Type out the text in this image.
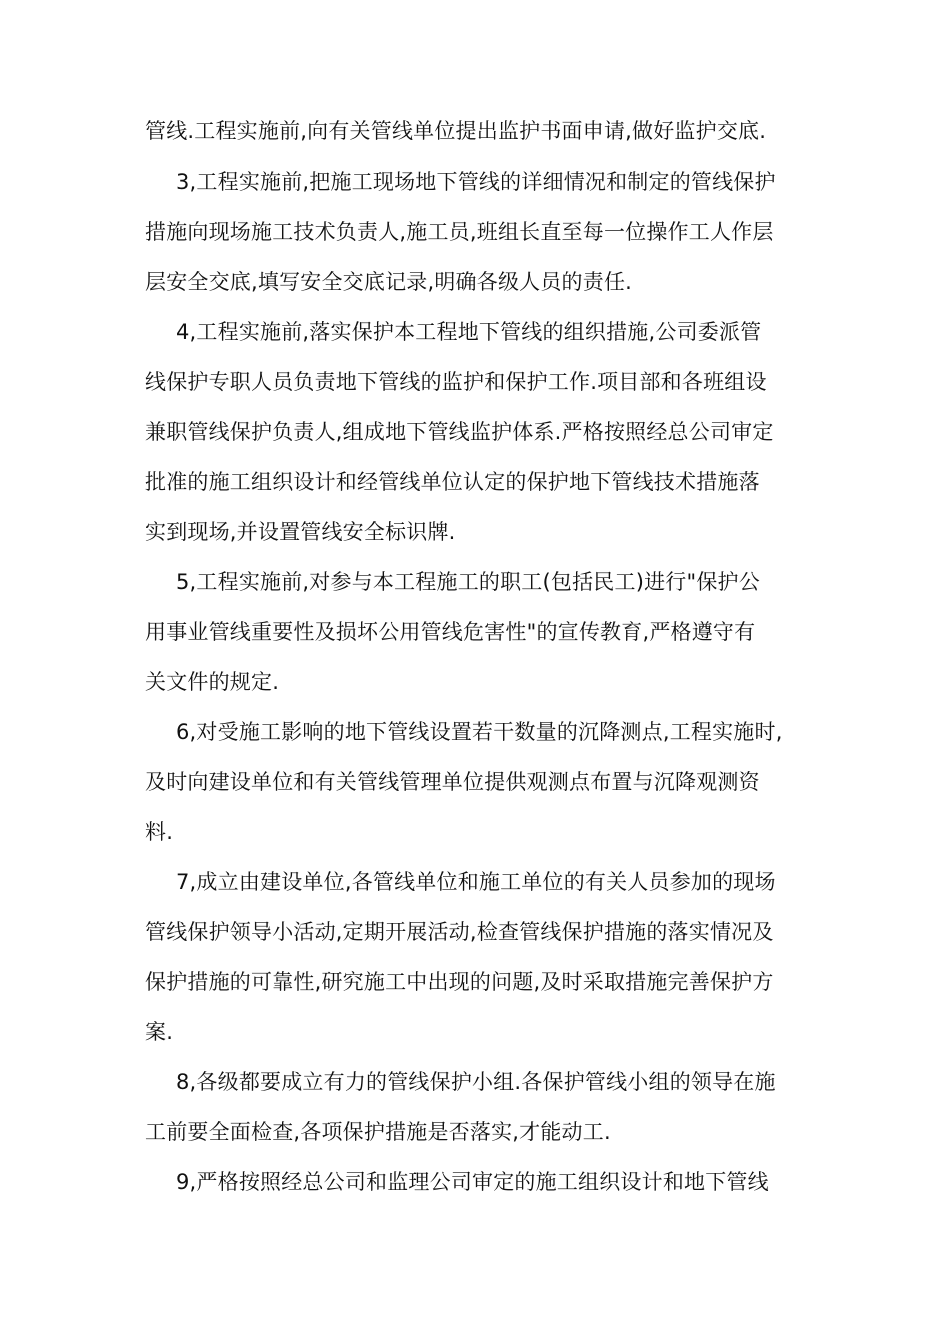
管线.工程实施前,向有关管线单位提出监护书面申请,做好监护交底.
3,工程实施前,把施工现场地下管线的详细情况和制定的管线保护
措施向现场施工技术负责人,施工员,班组长直至每一位操作工人作层
层安全交底,填写安全交底记录,明确各级人员的责任.
4,工程实施前,落实保护本工程地下管线的组织措施,公司委派管
线保护专职人员负责地下管线的监护和保护工作.项目部和各班组设
兼职管线保护负责人,组成地下管线监护体系.严格按照经总公司审定
批准的施工组织设计和经管线单位认定的保护地下管线技术措施落
实到现场,并设置管线安全标识牌.
5,工程实施前,对参与本工程施工的职工(包括民工)进行"保护公
用事业管线重要性及损坏公用管线危害性"的宣传教育,严格遵守有
关文件的规定.
6,对受施工影响的地下管线设置若干数量的沉降测点,工程实施时,
及时向建设单位和有关管线管理单位提供观测点布置与沉降观测资
料.
7,成立由建设单位,各管线单位和施工单位的有关人员参加的现场
管线保护领导小活动,定期开展活动,检查管线保护措施的落实情况及
保护措施的可靠性,研究施工中出现的问题,及时采取措施完善保护方
案.
8,各级都要成立有力的管线保护小组.各保护管线小组的领导在施
工前要全面检查,各项保护措施是否落实,才能动工.
9,严格按照经总公司和监理公司审定的施工组织设计和地下管线
